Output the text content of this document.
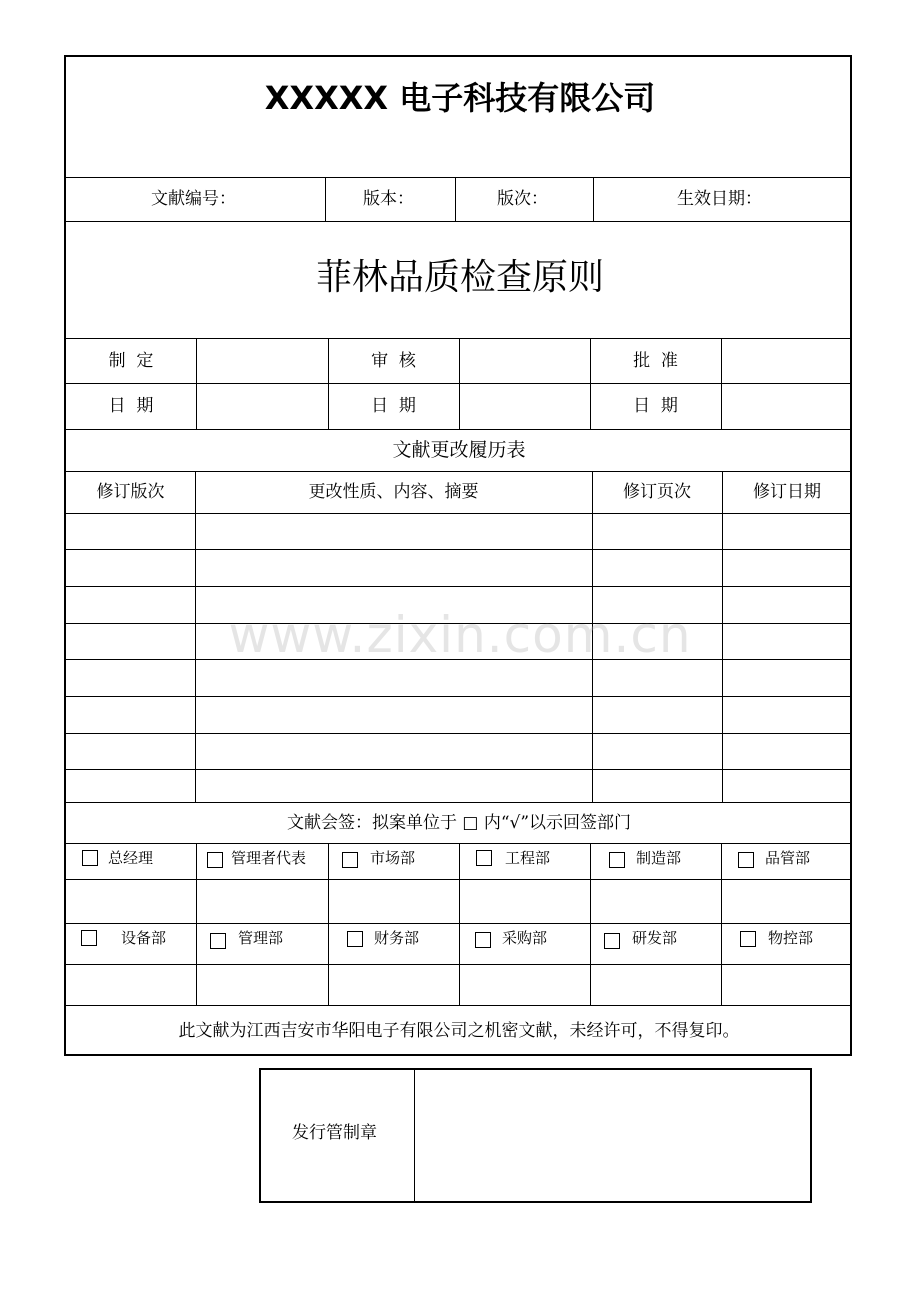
XXXXX 电子科技有限公司
文献编号：	版本：	版次：	生效日期：
菲林品质检查原则
制  定	审  核	批  准
日  期	日  期	日  期
文献更改履历表
修订版次	更改性质、内容、摘要	修订页次	修订日期
文献会签：拟案单位于 □ 内“√”以示回签部门
总经理	管理者代表	市场部	工程部	制造部	品管部
设备部	管理部	财务部	采购部	研发部	物控部
此文献为江西吉安市华阳电子有限公司之机密文献，未经许可，不得复印。
发行管制章
www.zixin.com.cn
